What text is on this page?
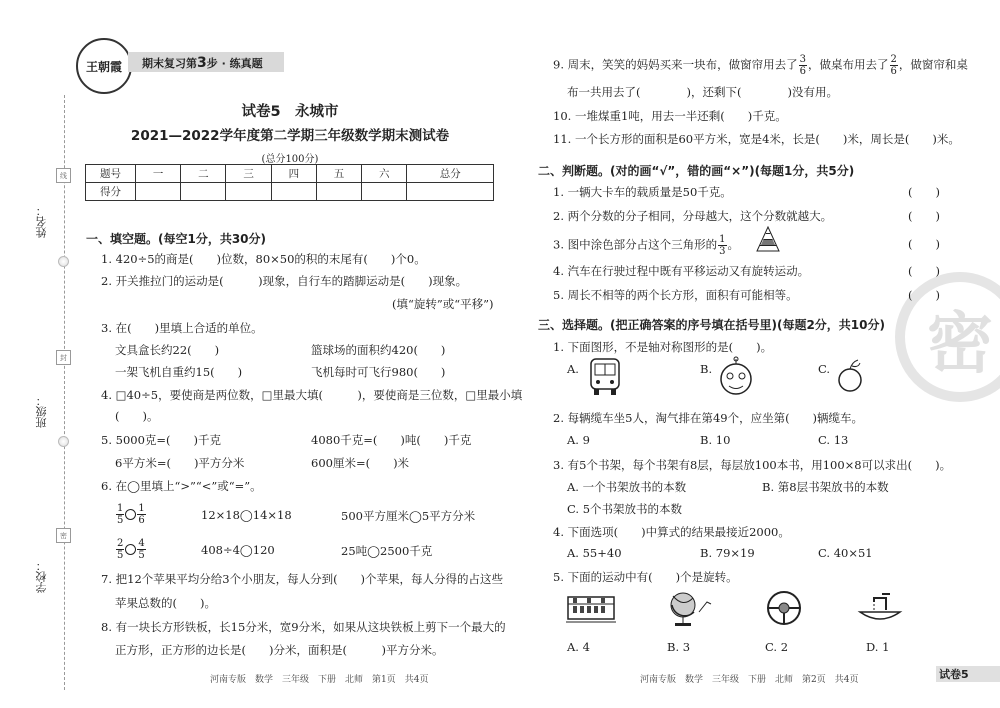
姓名：
班级：
学校：
线
封
密
王朝霞	期末复习第3步 · 练真题
试卷5　永城市
2021—2022学年度第二学期三年级数学期末测试卷
(总分100分)
题号	一	二	三	四	五	六	总分
得分							
一、填空题。(每空1分，共30分)
1. 420÷5的商是(　　)位数，80×50的积的末尾有(　　)个0。
2. 开关推拉门的运动是(　　　)现象，自行车的踏脚运动是(　　)现象。
(填“旋转”或“平移”)
3. 在(　　)里填上合适的单位。
文具盒长约22(　　)	篮球场的面积约420(　　)
一架飞机自重约15(　　)	飞机每时可飞行980(　　)
4. □40÷5，要使商是两位数，□里最大填(　　　)，要使商是三位数，□里最小填
(　　)。
5. 5000克=(　　)千克	4080千克=(　　)吨(　　)千克
6平方米=(　　)平方分米	600厘米=(　　)米
6. 在◯里填上“>”“<”或“=”。
$\frac{1}{5} \frac{1}{6}$	12×18◯14×18	500平方厘米◯5平方分米
$\frac{2}{5} \frac{4}{5}$	408÷4◯120	25吨◯2500千克
7. 把12个苹果平均分给3个小朋友，每人分到(　　)个苹果，每人分得的占这些
苹果总数的(　　)。
8. 有一块长方形铁板，长15分米，宽9分米，如果从这块铁板上剪下一个最大的
正方形，正方形的边长是(　　)分米，面积是(　　　)平方分米。
河南专版　数学　三年级　下册　北师　第1页　共4页
9. 周末，笑笑的妈妈买来一块布，做窗帘用去了 $\frac{3}{6}$ ，做桌布用去了 $\frac{2}{6}$ ，做窗帘和桌
布一共用去了(　　　　)，还剩下(　　　　)没有用。
10. 一堆煤重1吨，用去一半还剩(　　)千克。
11. 一个长方形的面积是60平方米，宽是4米，长是(　　)米，周长是(　　)米。
密
二、判断题。(对的画“√”，错的画“×”)(每题1分，共5分)
1. 一辆大卡车的载质量是50千克。	(　　)
2. 两个分数的分子相同，分母越大，这个分数就越大。	(　　)
3. 图中涂色部分占这个三角形的 $\frac{1}{3}$ 。	(　　)
4. 汽车在行驶过程中既有平移运动又有旋转运动。	(　　)
5. 周长不相等的两个长方形，面积有可能相等。	(　　)
三、选择题。(把正确答案的序号填在括号里)(每题2分，共10分)
1. 下面图形，不是轴对称图形的是(　　)。
A.	B.	C.
2. 每辆缆车坐5人，淘气排在第49个，应坐第(　　)辆缆车。
A. 9	B. 10	C. 13
3. 有5个书架，每个书架有8层，每层放100本书，用100×8可以求出(　　)。
A. 一个书架放书的本数	B. 第8层书架放书的本数
C. 5个书架放书的本数
4. 下面选项(　　)中算式的结果最接近2000。
A. 55+40	B. 79×19	C. 40×51
5. 下面的运动中有(　　)个是旋转。
A. 4	B. 3	C. 2	D. 1
河南专版　数学　三年级　下册　北师　第2页　共4页	试卷5
